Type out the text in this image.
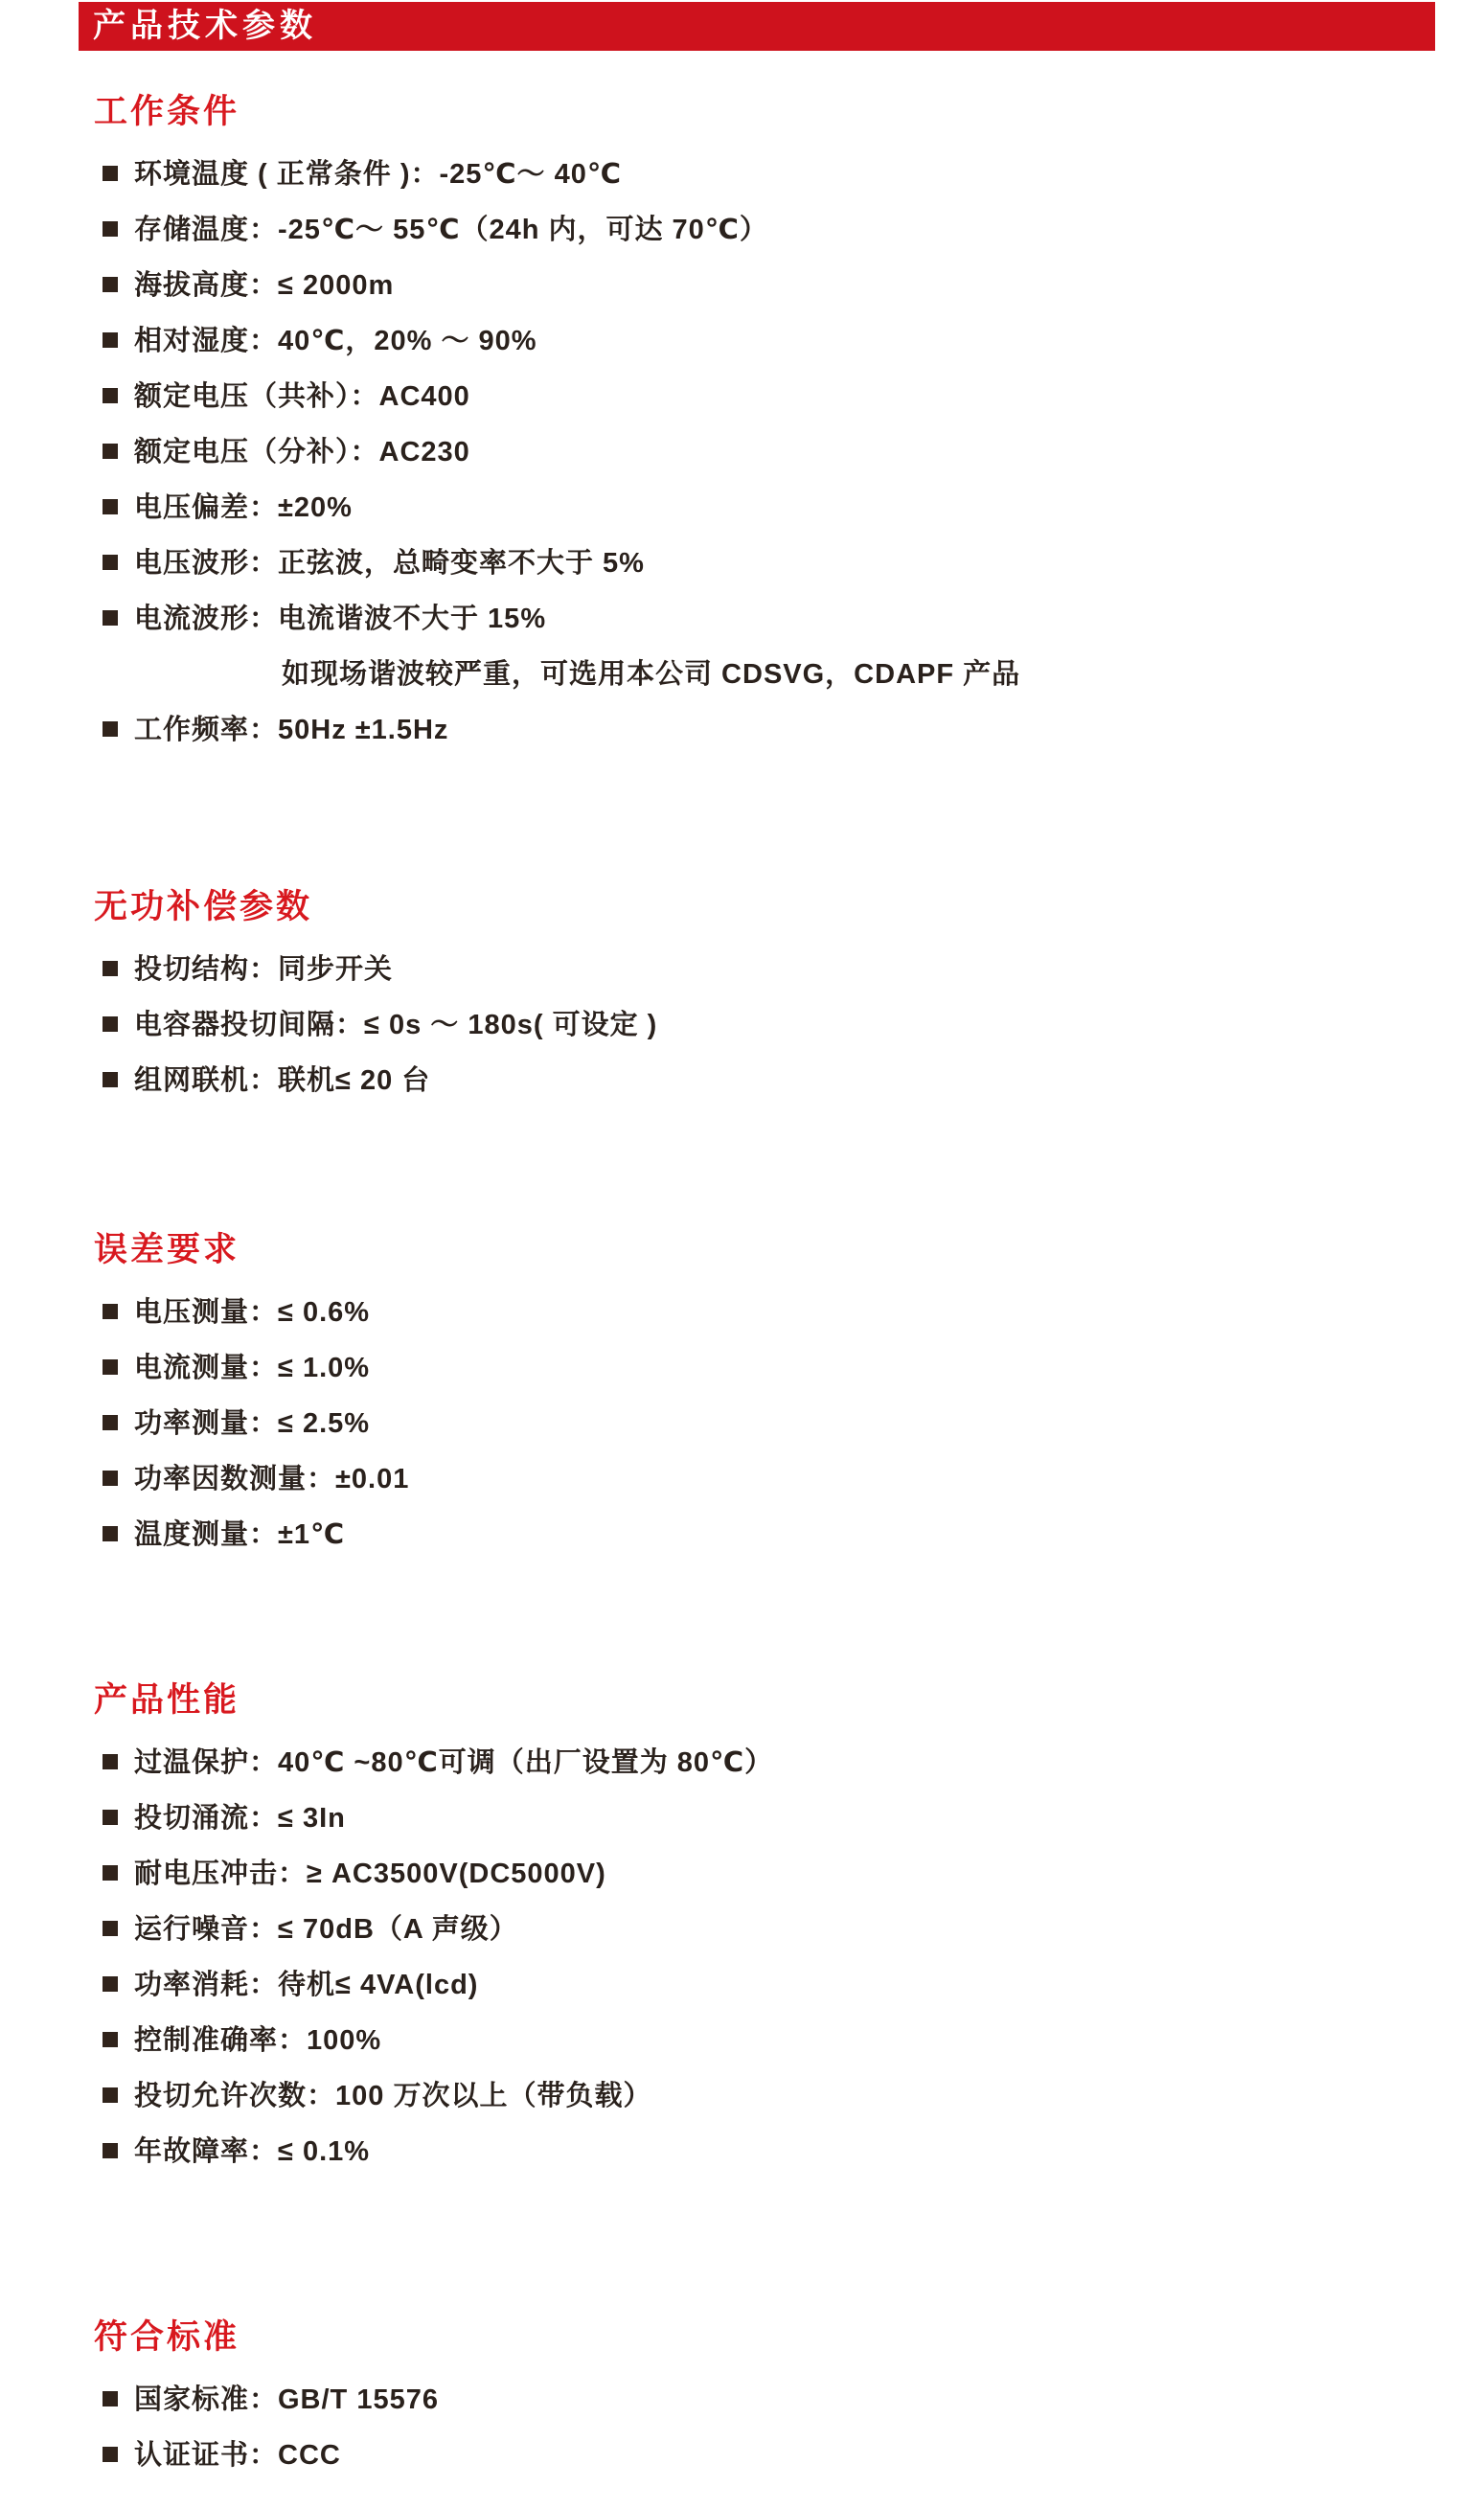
产品技术参数
工作条件
环境温度 ( 正常条件 )：-25℃～ 40℃
存储温度：-25℃～ 55℃（24h 内，可达 70℃）
海拔高度：≤ 2000m
相对湿度：40℃，20% ～ 90%
额定电压（共补）：AC400
额定电压（分补）：AC230
电压偏差：±20%
电压波形：正弦波，总畸变率不大于 5%
电流波形：电流谐波不大于 15%
如现场谐波较严重，可选用本公司 CDSVG，CDAPF 产品
工作频率：50Hz ±1.5Hz
无功补偿参数
投切结构：同步开关
电容器投切间隔：≤ 0s ～ 180s( 可设定 )
组网联机：联机≤ 20 台
误差要求
电压测量：≤ 0.6%
电流测量：≤ 1.0%
功率测量：≤ 2.5%
功率因数测量：±0.01
温度测量：±1℃
产品性能
过温保护：40℃ ~80℃可调（出厂设置为 80℃）
投切涌流：≤ 3In
耐电压冲击：≥ AC3500V(DC5000V)
运行噪音：≤ 70dB（A 声级）
功率消耗：待机≤ 4VA(lcd)
控制准确率：100%
投切允许次数：100 万次以上（带负载）
年故障率：≤ 0.1%
符合标准
国家标准：GB/T 15576
认证证书：CCC
